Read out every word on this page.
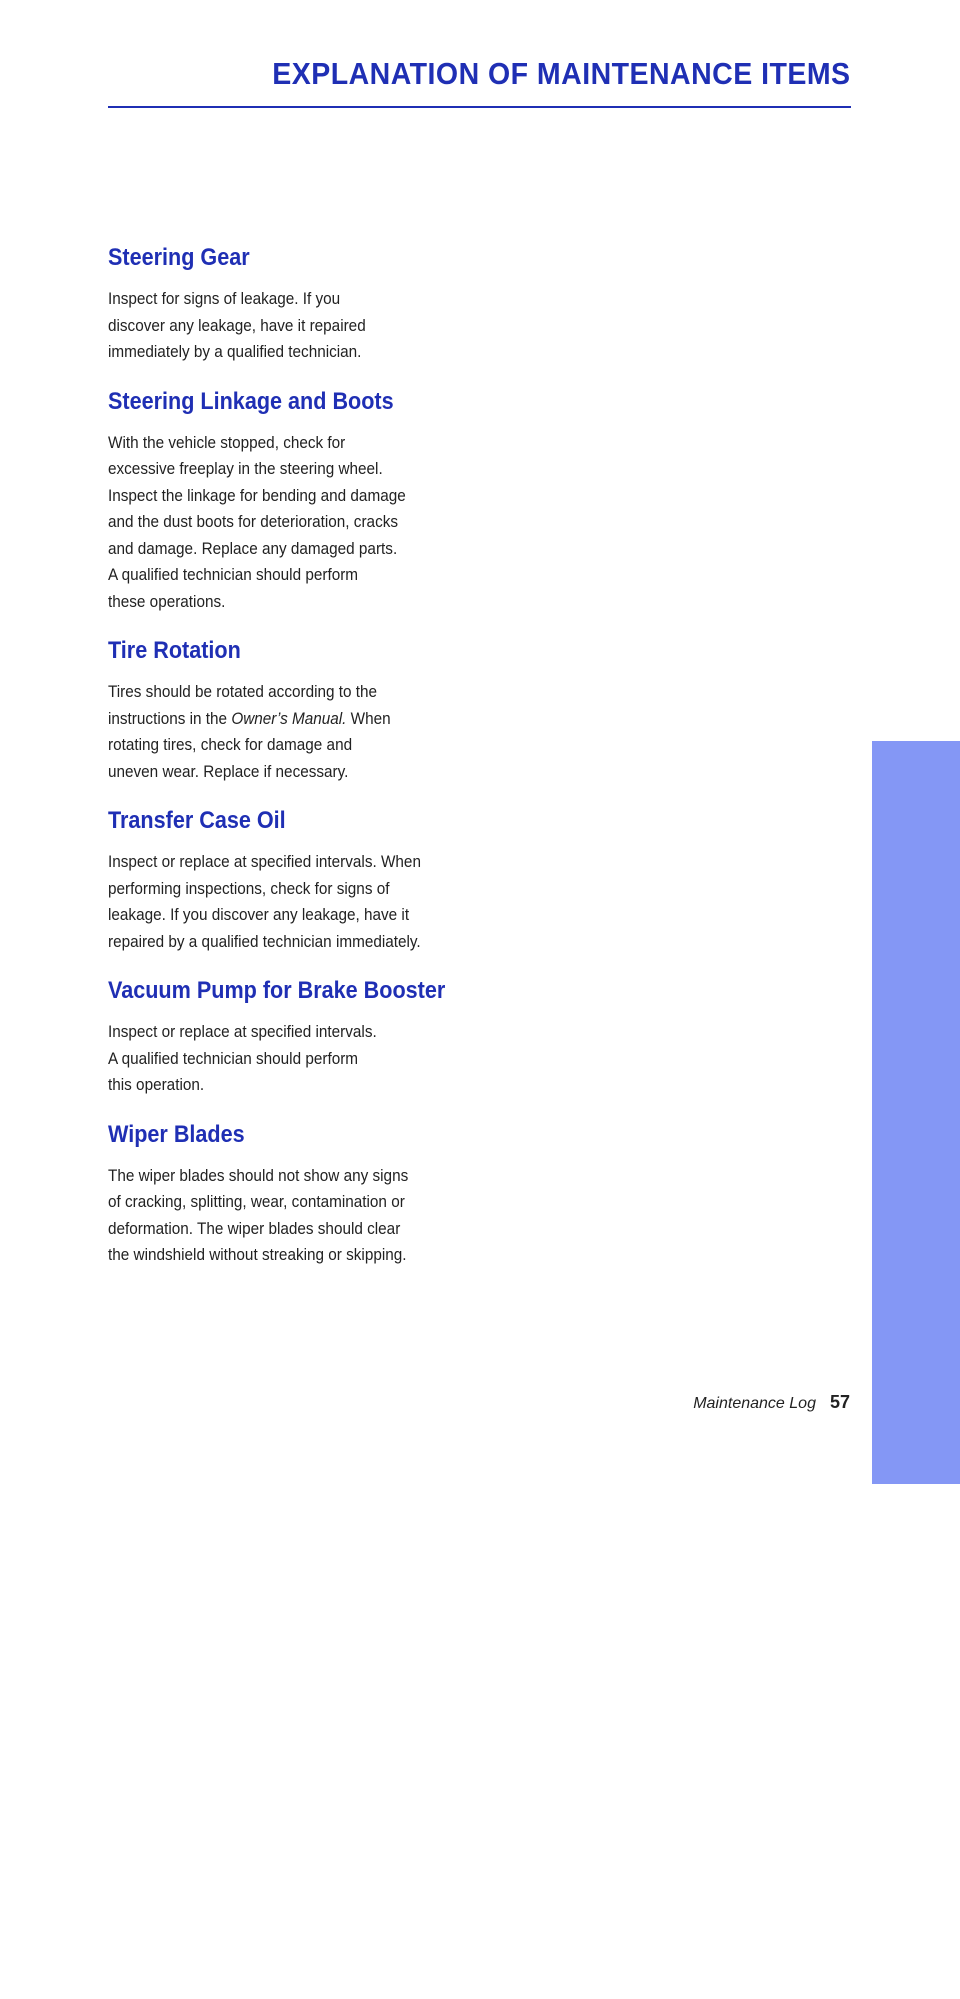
EXPLANATION OF MAINTENANCE ITEMS
Steering Gear

Inspect for signs of leakage. If you
discover any leakage, have it repaired
immediately by a qualified technician.

Steering Linkage and Boots

With the vehicle stopped, check for
excessive freeplay in the steering wheel.
Inspect the linkage for bending and damage
and the dust boots for deterioration, cracks
and damage. Replace any damaged parts.
A qualified technician should perform
these operations.

Tire Rotation

Tires should be rotated according to the
instructions in the Owner’s Manual. When
rotating tires, check for damage and
uneven wear. Replace if necessary.

Transfer Case Oil

Inspect or replace at specified intervals. When
performing inspections, check for signs of
leakage. If you discover any leakage, have it
repaired by a qualified technician immediately.

Vacuum Pump for Brake Booster

Inspect or replace at specified intervals.
A qualified technician should perform
this operation.

Wiper Blades

The wiper blades should not show any signs
of cracking, splitting, wear, contamination or
deformation. The wiper blades should clear
the windshield without streaking or skipping.

MAINTENANCE
Maintenance Log 57
